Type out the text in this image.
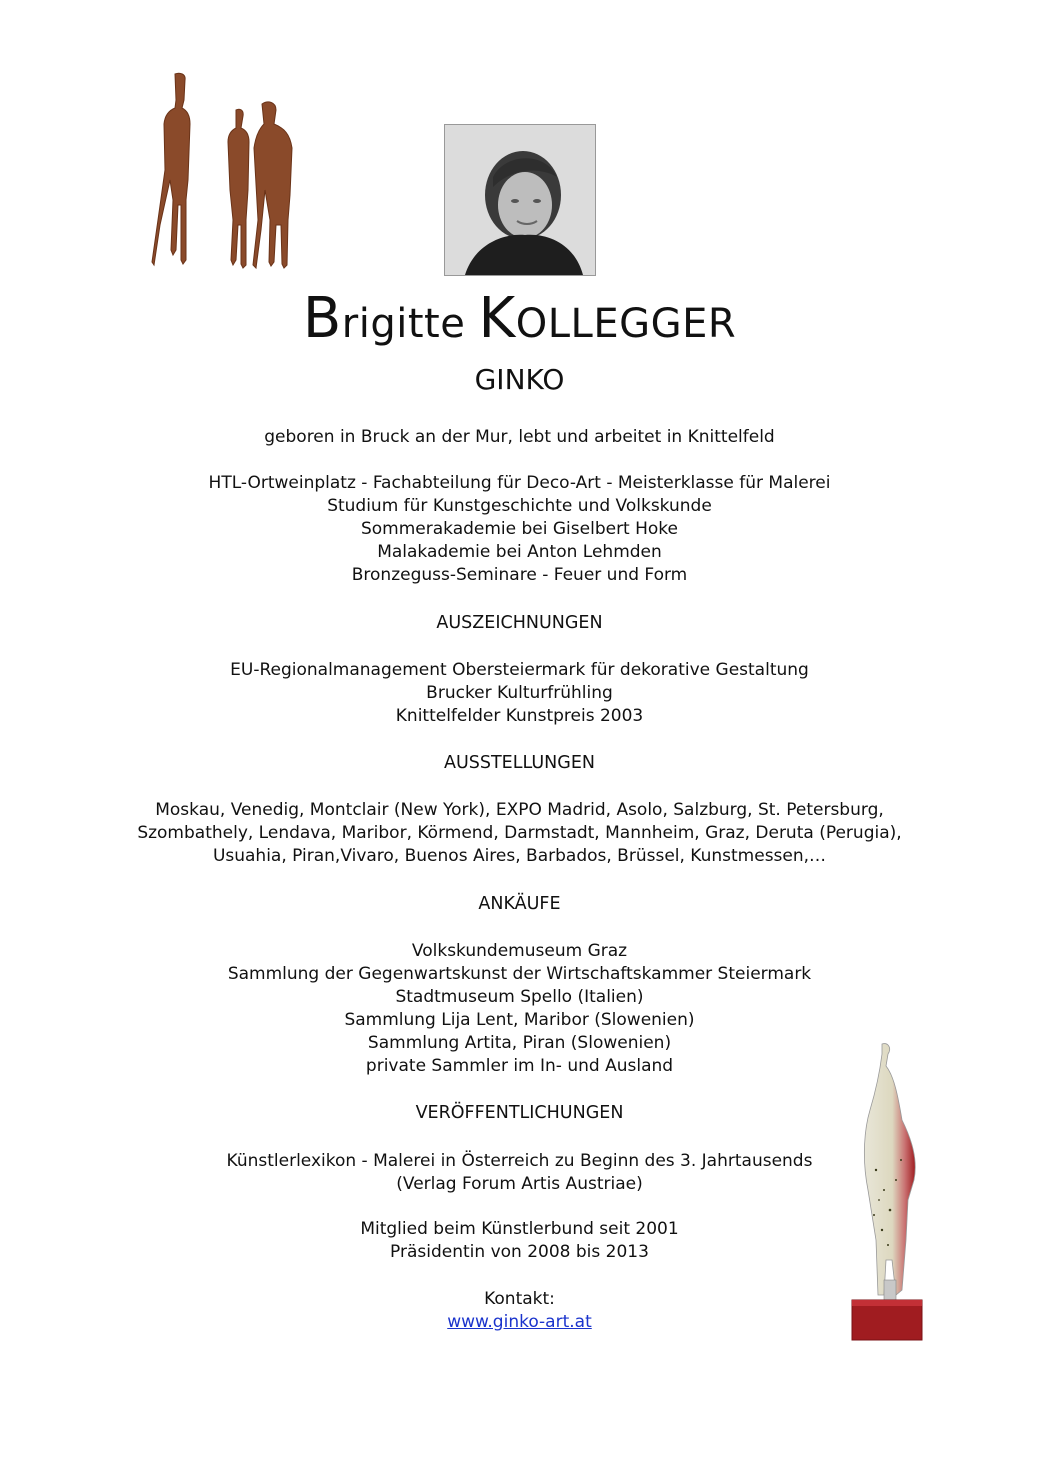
Brigitte KOLLEGGER
GINKO
geboren in Bruck an der Mur, lebt und arbeitet in Knittelfeld
HTL-Ortweinplatz - Fachabteilung für Deco-Art - Meisterklasse für Malerei
Studium für Kunstgeschichte und Volkskunde
Sommerakademie bei Giselbert Hoke
Malakademie bei Anton Lehmden
Bronzeguss-Seminare - Feuer und Form
AUSZEICHNUNGEN
EU-Regionalmanagement Obersteiermark für dekorative Gestaltung
Brucker Kulturfrühling
Knittelfelder Kunstpreis 2003
AUSSTELLUNGEN
Moskau, Venedig, Montclair (New York), EXPO Madrid, Asolo, Salzburg, St. Petersburg,
Szombathely, Lendava, Maribor, Körmend, Darmstadt, Mannheim, Graz, Deruta (Perugia),
Usuahia, Piran,Vivaro, Buenos Aires, Barbados, Brüssel, Kunstmessen,…
ANKÄUFE
Volkskundemuseum Graz
Sammlung der Gegenwartskunst der Wirtschaftskammer Steiermark
Stadtmuseum Spello (Italien)
Sammlung Lija Lent, Maribor (Slowenien)
Sammlung Artita, Piran (Slowenien)
private Sammler im In- und Ausland
VERÖFFENTLICHUNGEN
Künstlerlexikon - Malerei in Österreich zu Beginn des 3. Jahrtausends
(Verlag Forum Artis Austriae)
Mitglied beim Künstlerbund seit 2001
Präsidentin von 2008 bis 2013
Kontakt:
www.ginko-art.at
